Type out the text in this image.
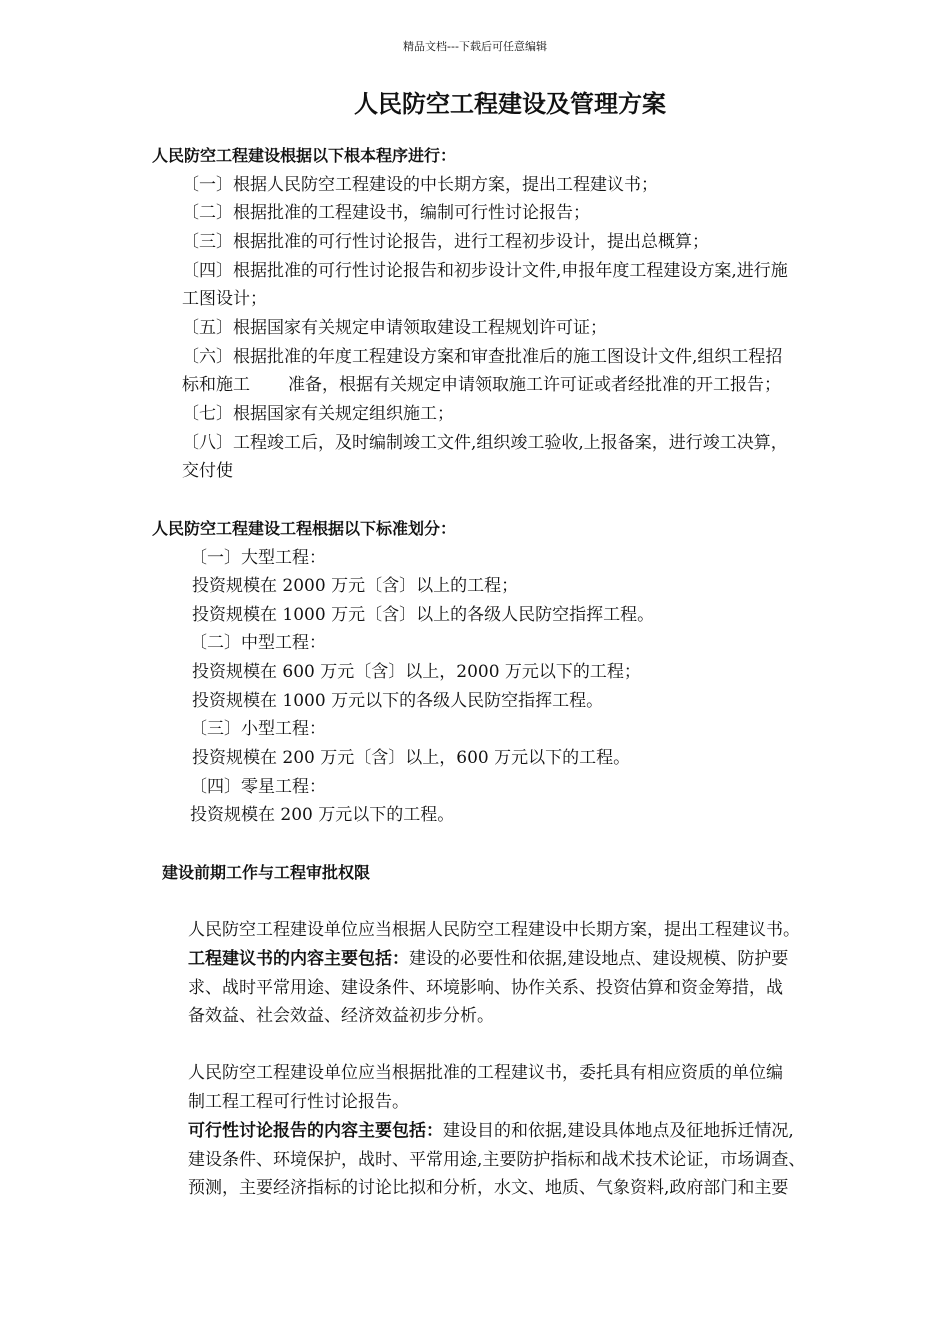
精品文档---下载后可任意编辑
人民防空工程建设及管理方案
人民防空工程建设根据以下根本程序进行：
〔一〕根据人民防空工程建设的中长期方案，提出工程建议书；
〔二〕根据批准的工程建设书，编制可行性讨论报告；
〔三〕根据批准的可行性讨论报告，进行工程初步设计，提出总概算；
〔四〕根据批准的可行性讨论报告和初步设计文件,申报年度工程建设方案,进行施
工图设计；
〔五〕根据国家有关规定申请领取建设工程规划许可证；
〔六〕根据批准的年度工程建设方案和审查批准后的施工图设计文件,组织工程招
标和施工 准备，根据有关规定申请领取施工许可证或者经批准的开工报告；
〔七〕根据国家有关规定组织施工；
〔八〕工程竣工后，及时编制竣工文件,组织竣工验收,上报备案，进行竣工决算，
交付使
人民防空工程建设工程根据以下标准划分：
〔一〕大型工程：
投资规模在 2000 万元〔含〕以上的工程；
投资规模在 1000 万元〔含〕以上的各级人民防空指挥工程。
〔二〕中型工程：
投资规模在 600 万元〔含〕以上，2000 万元以下的工程；
投资规模在 1000 万元以下的各级人民防空指挥工程。
〔三〕小型工程：
投资规模在 200 万元〔含〕以上，600 万元以下的工程。
〔四〕零星工程：
投资规模在 200 万元以下的工程。
建设前期工作与工程审批权限
人民防空工程建设单位应当根据人民防空工程建设中长期方案，提出工程建议书。
工程建议书的内容主要包括：建设的必要性和依据,建设地点、建设规模、防护要
求、战时平常用途、建设条件、环境影响、协作关系、投资估算和资金筹措，战
备效益、社会效益、经济效益初步分析。
人民防空工程建设单位应当根据批准的工程建议书，委托具有相应资质的单位编
制工程工程可行性讨论报告。
可行性讨论报告的内容主要包括：建设目的和依据,建设具体地点及征地拆迁情况,
建设条件、环境保护，战时、平常用途,主要防护指标和战术技术论证，市场调查、
预测，主要经济指标的讨论比拟和分析，水文、地质、气象资料,政府部门和主要
